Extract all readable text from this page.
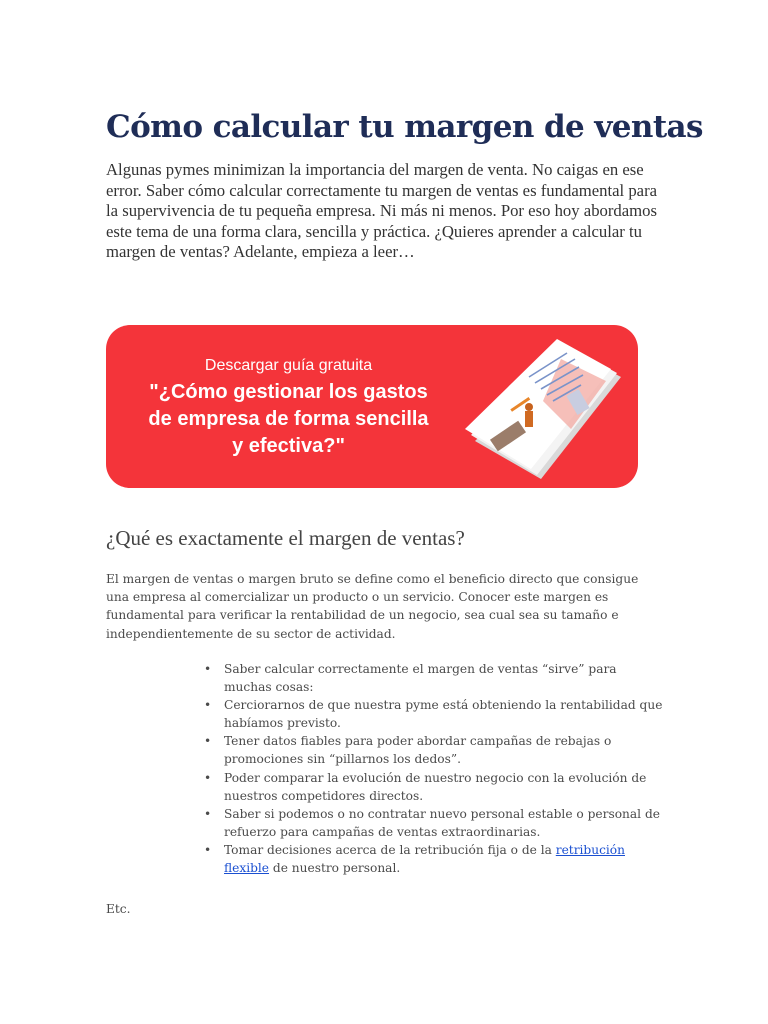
Cómo calcular tu margen de ventas

Algunas pymes minimizan la importancia del margen de venta. No caigas en ese error. Saber cómo calcular correctamente tu margen de ventas es fundamental para la supervivencia de tu pequeña empresa. Ni más ni menos. Por eso hoy abordamos este tema de una forma clara, sencilla y práctica. ¿Quieres aprender a calcular tu margen de ventas? Adelante, empieza a leer…

Descargar guía gratuita
"¿Cómo gestionar los gastos
de empresa de forma sencilla
y efectiva?"
¿Qué es exactamente el margen de ventas?

El margen de ventas o margen bruto se define como el beneficio directo que consigue una empresa al comercializar un producto o un servicio. Conocer este margen es fundamental para verificar la rentabilidad de un negocio, sea cual sea su tamaño e independientemente de su sector de actividad.

• Saber calcular correctamente el margen de ventas “sirve” para muchas cosas:
• Cerciorarnos de que nuestra pyme está obteniendo la rentabilidad que habíamos previsto.
• Tener datos fiables para poder abordar campañas de rebajas o promociones sin “pillarnos los dedos”.
• Poder comparar la evolución de nuestro negocio con la evolución de nuestros competidores directos.
• Saber si podemos o no contratar nuevo personal estable o personal de refuerzo para campañas de ventas extraordinarias.
• Tomar decisiones acerca de la retribución fija o de la retribución flexible de nuestro personal.

Etc.
